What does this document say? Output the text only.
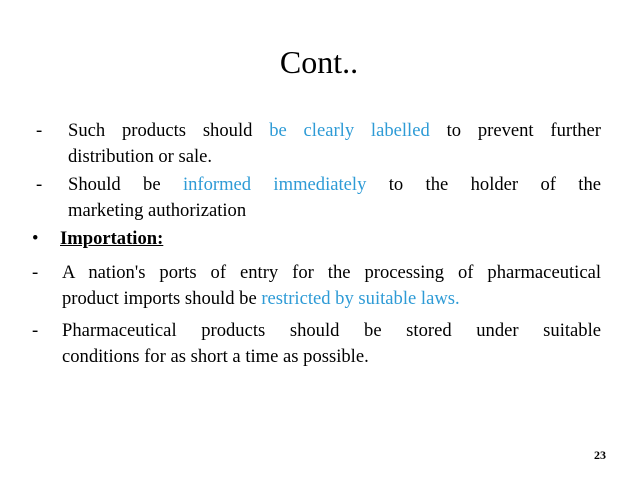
Cont..
- Such products should be clearly labelled to prevent further
distribution or sale.
- Should be informed immediately to the holder of the
marketing authorization
• Importation:
- A nation's ports of entry for the processing of pharmaceutical
product imports should be restricted by suitable laws.
- Pharmaceutical products should be stored under suitable
conditions for as short a time as possible.
23
